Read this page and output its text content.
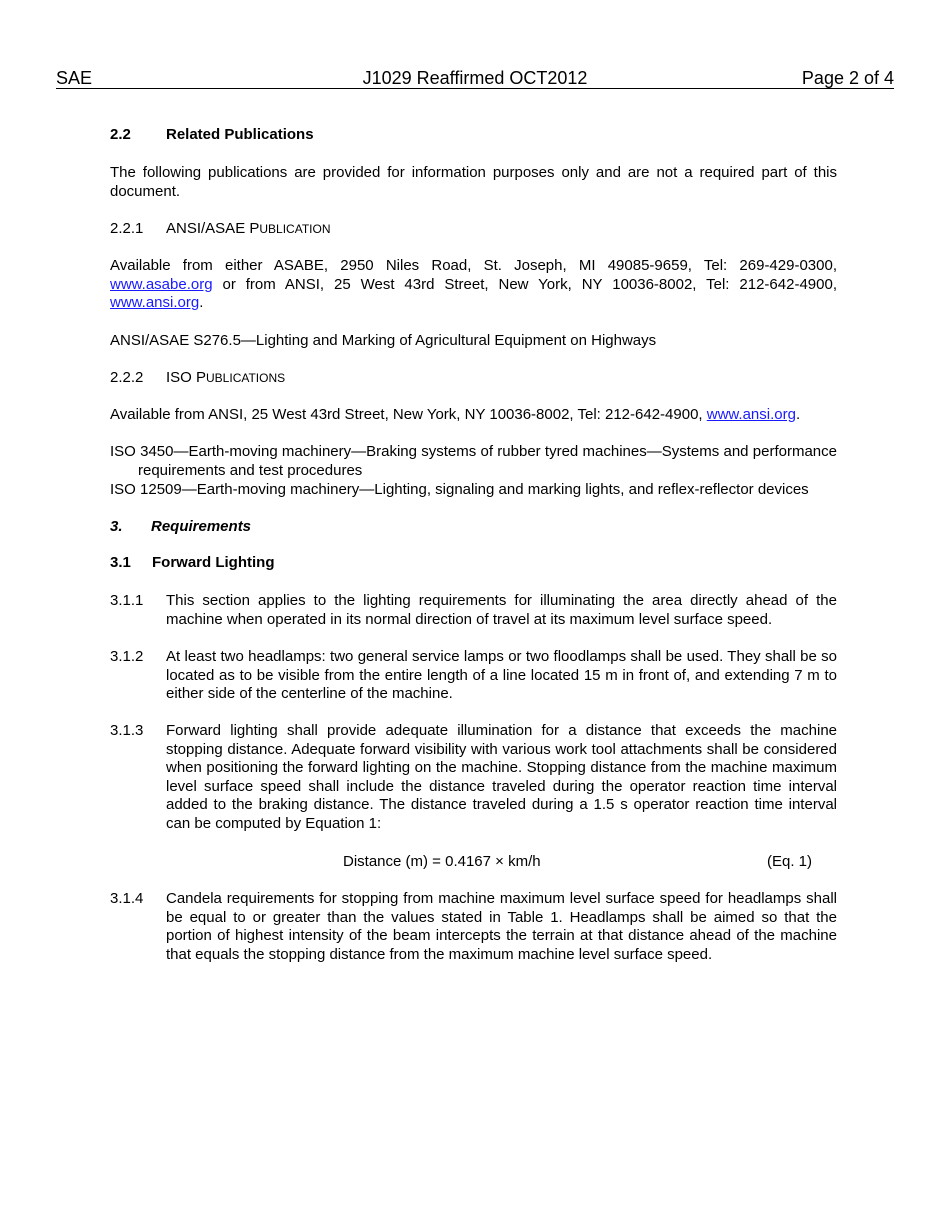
SAE	J1029 Reaffirmed OCT2012	Page 2 of 4
2.2 Related Publications
The following publications are provided for information purposes only and are not a required part of this document.
2.2.1 ANSI/ASAE PUBLICATION
Available from either ASABE, 2950 Niles Road, St. Joseph, MI 49085-9659, Tel: 269-429-0300, www.asabe.org or from ANSI, 25 West 43rd Street, New York, NY 10036-8002, Tel: 212-642-4900, www.ansi.org.
ANSI/ASAE S276.5—Lighting and Marking of Agricultural Equipment on Highways
2.2.2 ISO PUBLICATIONS
Available from ANSI, 25 West 43rd Street, New York, NY 10036-8002, Tel: 212-642-4900, www.ansi.org.
ISO 3450—Earth-moving machinery—Braking systems of rubber tyred machines—Systems and performance requirements and test procedures
ISO 12509—Earth-moving machinery—Lighting, signaling and marking lights, and reflex-reflector devices
3. Requirements
3.1 Forward Lighting
3.1.1	This section applies to the lighting requirements for illuminating the area directly ahead of the machine when operated in its normal direction of travel at its maximum level surface speed.
3.1.2	At least two headlamps: two general service lamps or two floodlamps shall be used. They shall be so located as to be visible from the entire length of a line located 15 m in front of, and extending 7 m to either side of the centerline of the machine.
3.1.3	Forward lighting shall provide adequate illumination for a distance that exceeds the machine stopping distance. Adequate forward visibility with various work tool attachments shall be considered when positioning the forward lighting on the machine. Stopping distance from the machine maximum level surface speed shall include the distance traveled during the operator reaction time interval added to the braking distance. The distance traveled during a 1.5 s operator reaction time interval can be computed by Equation 1:
Distance (m) = 0.4167 × km/h	(Eq. 1)
3.1.4	Candela requirements for stopping from machine maximum level surface speed for headlamps shall be equal to or greater than the values stated in Table 1. Headlamps shall be aimed so that the portion of highest intensity of the beam intercepts the terrain at that distance ahead of the machine that equals the stopping distance from the maximum machine level surface speed.
